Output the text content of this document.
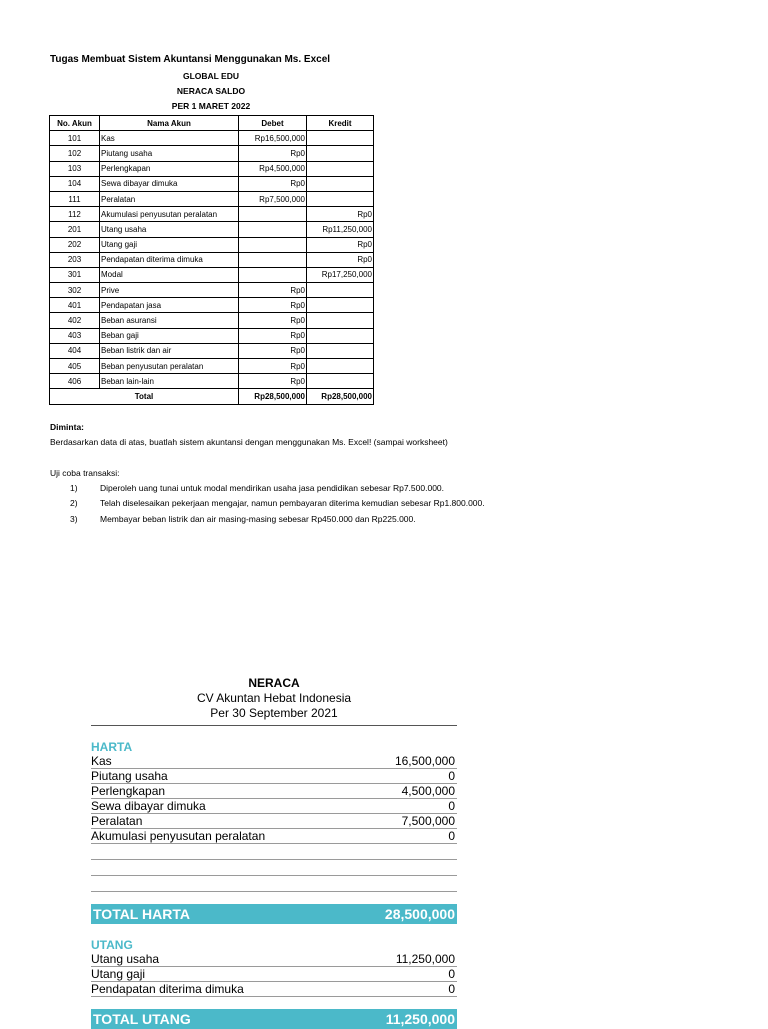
Tugas Membuat Sistem Akuntansi Menggunakan Ms. Excel
GLOBAL EDU
NERACA SALDO
PER 1 MARET 2022
No. Akun	Nama Akun	Debet	Kredit
101	Kas	Rp16,500,000	
102	Piutang usaha	Rp0	
103	Perlengkapan	Rp4,500,000	
104	Sewa dibayar dimuka	Rp0	
111	Peralatan	Rp7,500,000	
112	Akumulasi penyusutan peralatan		Rp0
201	Utang usaha		Rp11,250,000
202	Utang gaji		Rp0
203	Pendapatan diterima dimuka		Rp0
301	Modal		Rp17,250,000
302	Prive	Rp0	
401	Pendapatan jasa	Rp0	
402	Beban asuransi	Rp0	
403	Beban gaji	Rp0	
404	Beban listrik dan air	Rp0	
405	Beban penyusutan peralatan	Rp0	
406	Beban lain-lain	Rp0	
Total		Rp28,500,000	Rp28,500,000
Diminta:
Berdasarkan data di atas, buatlah sistem akuntansi dengan menggunakan Ms. Excel! (sampai worksheet)
Uji coba transaksi:
1)	Diperoleh uang tunai untuk modal mendirikan usaha jasa pendidikan sebesar Rp7.500.000.
2)	Telah diselesaikan pekerjaan mengajar, namun pembayaran diterima kemudian sebesar Rp1.800.000.
3)	Membayar beban listrik dan air masing-masing sebesar Rp450.000 dan Rp225.000.
NERACA
CV Akuntan Hebat Indonesia
Per 30 September 2021
HARTA
Kas	16,500,000
Piutang usaha	0
Perlengkapan	4,500,000
Sewa dibayar dimuka	0
Peralatan	7,500,000
Akumulasi penyusutan peralatan	0
TOTAL HARTA	28,500,000
UTANG
Utang usaha	11,250,000
Utang gaji	0
Pendapatan diterima dimuka	0
TOTAL UTANG	11,250,000
